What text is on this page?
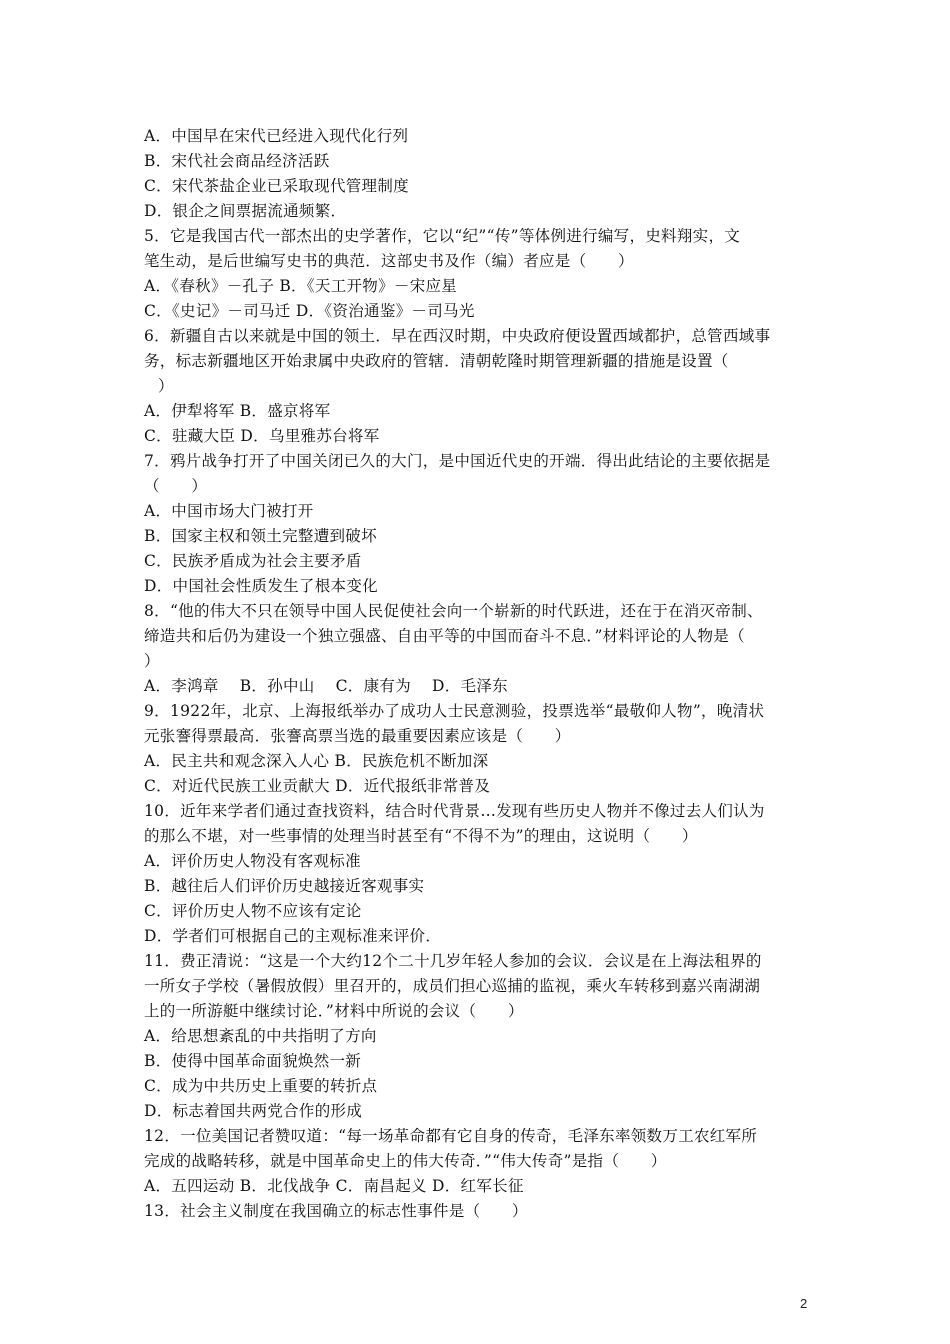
A．中国早在宋代已经进入现代化行列
B．宋代社会商品经济活跃
C．宋代茶盐企业已采取现代管理制度
D．银企之间票据流通频繁．
5．它是我国古代一部杰出的史学著作，它以“纪”“传”等体例进行编写，史料翔实，文
笔生动，是后世编写史书的典范．这部史书及作（编）者应是（　　）
A．《春秋》－孔子 B．《天工开物》－宋应星
C．《史记》－司马迁 D．《资治通鉴》－司马光
6．新疆自古以来就是中国的领土．早在西汉时期，中央政府便设置西域都护，总管西域事
务，标志新疆地区开始隶属中央政府的管辖．清朝乾隆时期管理新疆的措施是设置（
）
A．伊犁将军 B．盛京将军
C．驻藏大臣 D．乌里雅苏台将军
7．鸦片战争打开了中国关闭已久的大门，是中国近代史的开端．得出此结论的主要依据是
（　　）
A．中国市场大门被打开
B．国家主权和领土完整遭到破坏
C．民族矛盾成为社会主要矛盾
D．中国社会性质发生了根本变化
8．“他的伟大不只在领导中国人民促使社会向一个崭新的时代跃进，还在于在消灭帝制、
缔造共和后仍为建设一个独立强盛、自由平等的中国而奋斗不息．”材料评论的人物是（
）
A．李鸿章　 B．孙中山　 C．康有为　 D．毛泽东
9．1922年，北京、上海报纸举办了成功人士民意测验，投票选举“最敬仰人物”，晚清状
元张謇得票最高．张謇高票当选的最重要因素应该是（　　）
A．民主共和观念深入人心 B．民族危机不断加深
C．对近代民族工业贡献大 D．近代报纸非常普及
10．近年来学者们通过查找资料，结合时代背景…发现有些历史人物并不像过去人们认为
的那么不堪，对一些事情的处理当时甚至有“不得不为”的理由，这说明（　　）
A．评价历史人物没有客观标准
B．越往后人们评价历史越接近客观事实
C．评价历史人物不应该有定论
D．学者们可根据自己的主观标准来评价．
11．费正清说：“这是一个大约12个二十几岁年轻人参加的会议．会议是在上海法租界的
一所女子学校（暑假放假）里召开的，成员们担心巡捕的监视，乘火车转移到嘉兴南湖湖
上的一所游艇中继续讨论．”材料中所说的会议（　　）
A．给思想紊乱的中共指明了方向
B．使得中国革命面貌焕然一新
C．成为中共历史上重要的转折点
D．标志着国共两党合作的形成
12．一位美国记者赞叹道：“每一场革命都有它自身的传奇，毛泽东率领数万工农红军所
完成的战略转移，就是中国革命史上的伟大传奇．”“伟大传奇”是指（　　）
A．五四运动 B．北伐战争 C．南昌起义 D．红军长征
13．社会主义制度在我国确立的标志性事件是（　　）
2
